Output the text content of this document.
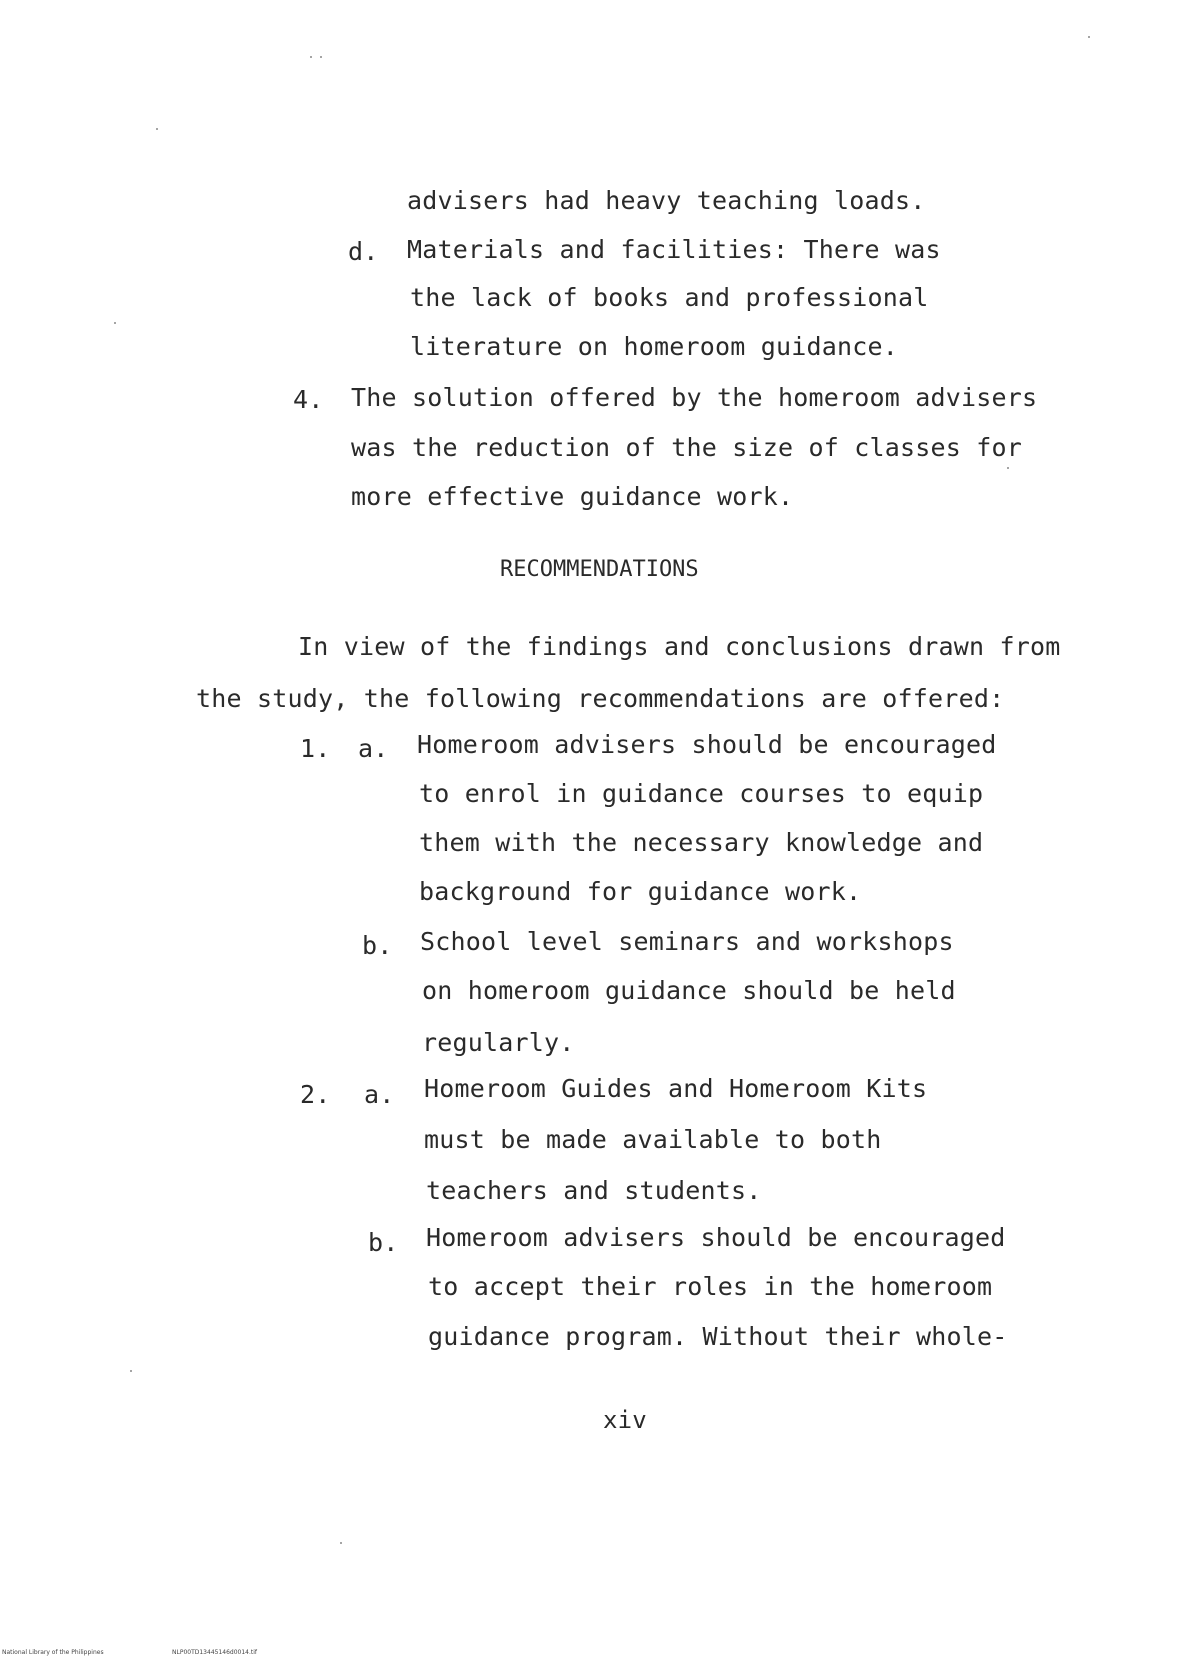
advisers had heavy teaching loads.
d. Materials and facilities: There was
the lack of books and professional
literature on homeroom guidance.
4. The solution offered by the homeroom advisers
was the reduction of the size of classes for
more effective guidance work.
RECOMMENDATIONS
In view of the findings and conclusions drawn from
the study, the following recommendations are offered:
1. a. Homeroom advisers should be encouraged
to enrol in guidance courses to equip
them with the necessary knowledge and
background for guidance work.
b. School level seminars and workshops
on homeroom guidance should be held
regularly.
2. a. Homeroom Guides and Homeroom Kits
must be made available to both
teachers and students.
b. Homeroom advisers should be encouraged
to accept their roles in the homeroom
guidance program. Without their whole-
xiv
National Library of the Philippines	NLP00TD13445146d0014.tif
